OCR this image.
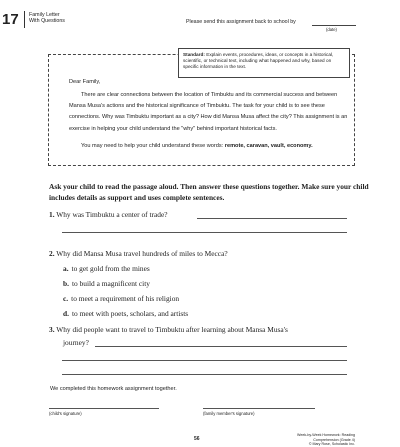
17 Family Letter
With Questions	Please send this assignment back to school by
(date)
Standard: Explain events, procedures, ideas, or concepts in a historical, scientific, or technical text, including what happened and why, based on specific information in the text.
Dear Family,
There are clear connections between the location of Timbuktu and its commercial success and between Mansa Musa's actions and the historical significance of Timbuktu. The task for your child is to see these connections. Why was Timbuktu important as a city? How did Mansa Musa affect the city? This assignment is an exercise in helping your child understand the "why" behind important historical facts.
You may need to help your child understand these words: remote, caravan, vault, economy.
Ask your child to read the passage aloud. Then answer these questions together. Make sure your child includes details as support and uses complete sentences.
1. Why was Timbuktu a center of trade?
2. Why did Mansa Musa travel hundreds of miles to Mecca?
a. to get gold from the mines
b. to build a magnificent city
c. to meet a requirement of his religion
d. to meet with poets, scholars, and artists
3. Why did people want to travel to Timbuktu after learning about Mansa Musa's
journey?
We completed this homework assignment together.
(child's signature)	(family member's signature)
56
Week-by-Week Homework: Reading Comprehension (Grade 4)
© Mary Rose, Scholastic Inc.
